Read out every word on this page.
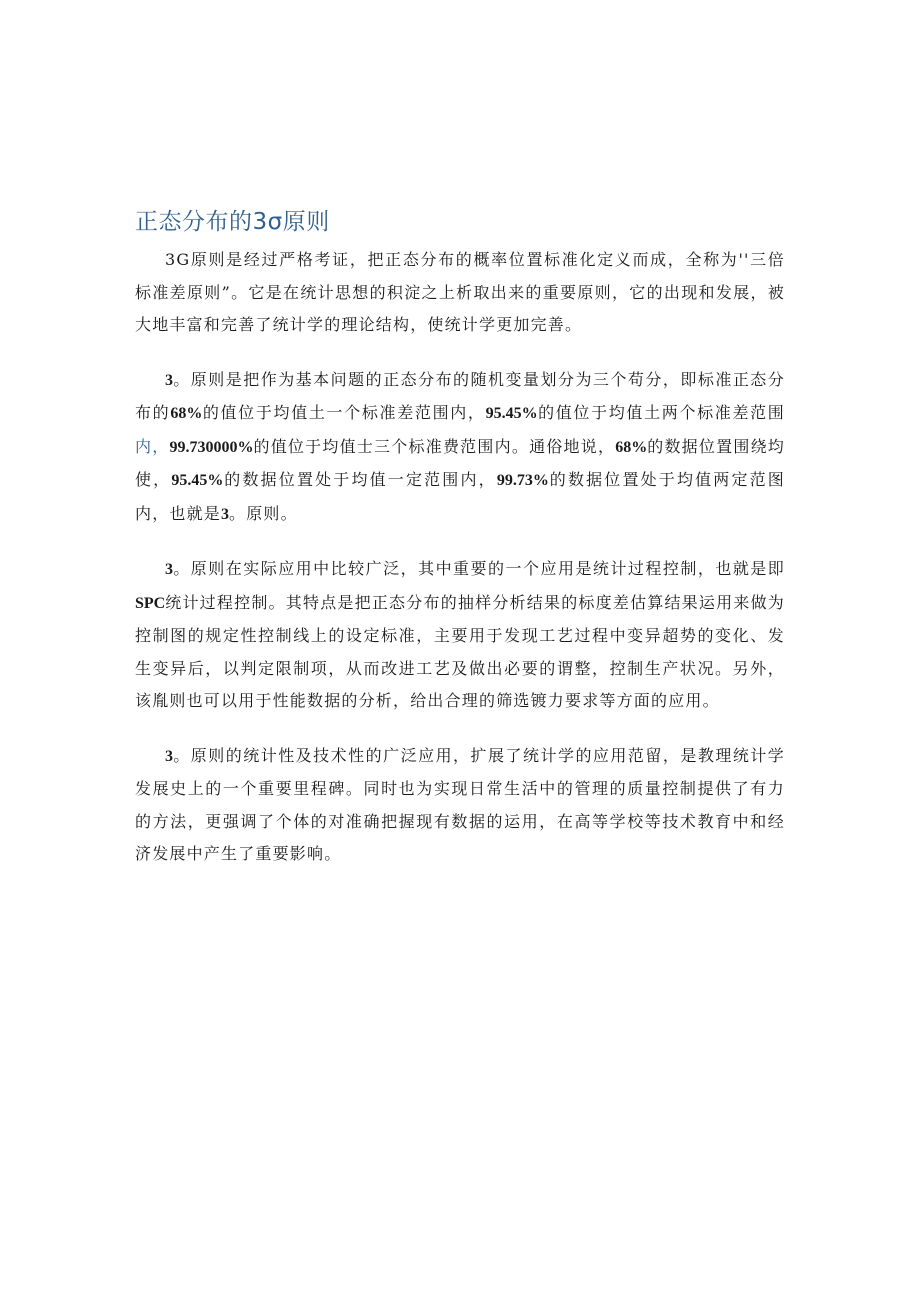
正态分布的3σ原则

3G原则是经过严格考证，把正态分布的概率位置标准化定义而成，全称为''三倍标准差原则”。它是在统计思想的积淀之上析取出来的重要原则，它的出现和发展，被大地丰富和完善了统计学的理论结构，使统计学更加完善。

3。原则是把作为基本问题的正态分布的随机变量划分为三个苟分，即标准正态分布的68%的值位于均值土一个标准差范围内，95.45%的值位于均值土两个标准差范围内，99.730000%的值位于均值士三个标准费范围内。通俗地说，68%的数据位置围绕均使，95.45%的数据位置处于均值一定范围内，99.73%的数据位置处于均值两定范图内，也就是3。原则。

3。原则在实际应用中比较广泛，其中重要的一个应用是统计过程控制，也就是即SPC统计过程控制。其特点是把正态分布的抽样分析结果的标度差估算结果运用来做为控制图的规定性控制线上的设定标准，主要用于发现工艺过程中变异超势的变化、发生变异后，以判定限制项，从而改进工艺及做出必要的谓整，控制生产状况。另外，该胤则也可以用于性能数据的分析，给出合理的筛选镀力要求等方面的应用。

3。原则的统计性及技术性的广泛应用，扩展了统计学的应用范留，是教理统计学发展史上的一个重要里程碑。同时也为实现日常生活中的管理的质量控制提供了有力的方法，更强调了个体的对准确把握现有数据的运用，在高等学校等技术教育中和经济发展中产生了重要影响。
